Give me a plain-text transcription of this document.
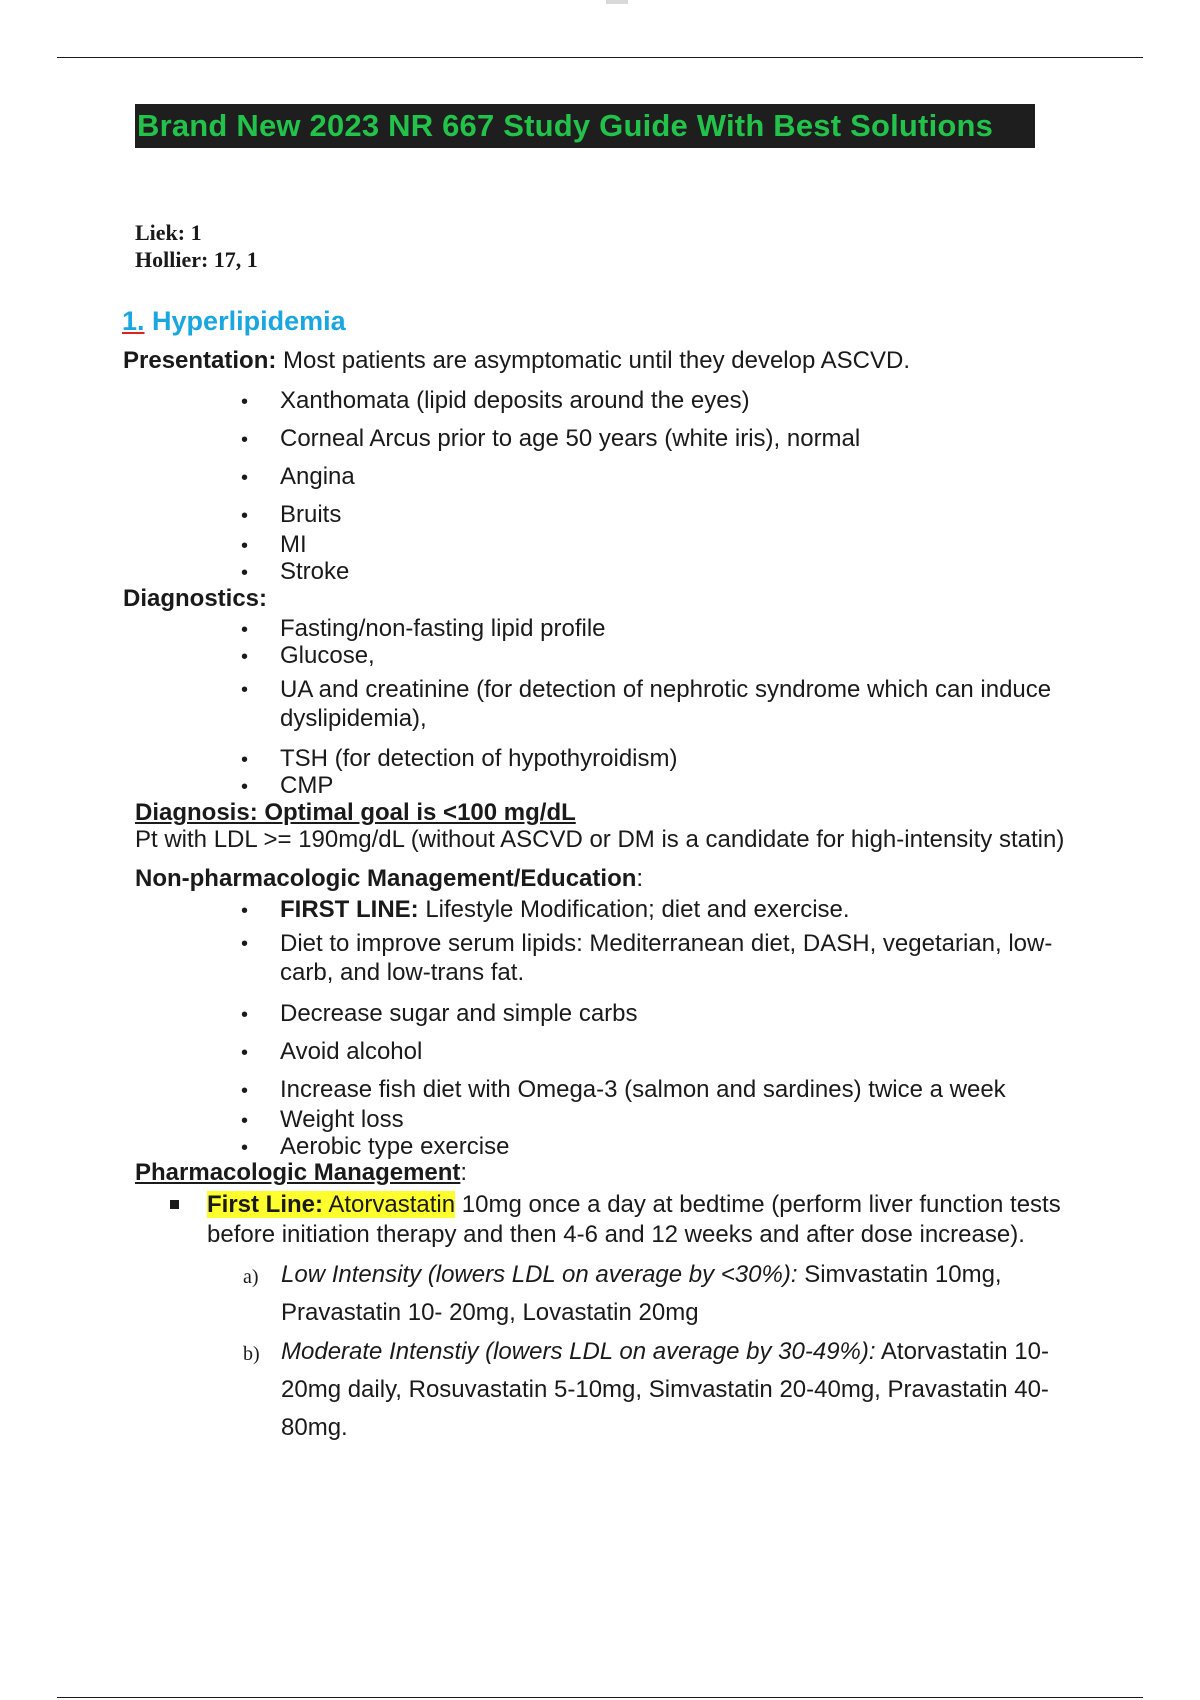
Brand New 2023 NR 667 Study Guide With Best Solutions
Liek: 1
Hollier: 17, 1
1. Hyperlipidemia
Presentation: Most patients are asymptomatic until they develop ASCVD.
• Xanthomata (lipid deposits around the eyes)
• Corneal Arcus prior to age 50 years (white iris), normal
• Angina
• Bruits
• MI
• Stroke
Diagnostics:
• Fasting/non-fasting lipid profile
• Glucose,
• UA and creatinine (for detection of nephrotic syndrome which can induce dyslipidemia),
• TSH (for detection of hypothyroidism)
• CMP
Diagnosis: Optimal goal is <100 mg/dL
Pt with LDL >= 190mg/dL (without ASCVD or DM is a candidate for high-intensity statin)
Non-pharmacologic Management/Education:
• FIRST LINE: Lifestyle Modification; diet and exercise.
• Diet to improve serum lipids: Mediterranean diet, DASH, vegetarian, low-carb, and low-trans fat.
• Decrease sugar and simple carbs
• Avoid alcohol
• Increase fish diet with Omega-3 (salmon and sardines) twice a week
• Weight loss
• Aerobic type exercise
Pharmacologic Management:
First Line: Atorvastatin 10mg once a day at bedtime (perform liver function tests before initiation therapy and then 4-6 and 12 weeks and after dose increase).
a) Low Intensity (lowers LDL on average by <30%): Simvastatin 10mg, Pravastatin 10- 20mg, Lovastatin 20mg
b) Moderate Intenstiy (lowers LDL on average by 30-49%): Atorvastatin 10-20mg daily, Rosuvastatin 5-10mg, Simvastatin 20-40mg, Pravastatin 40-80mg.
